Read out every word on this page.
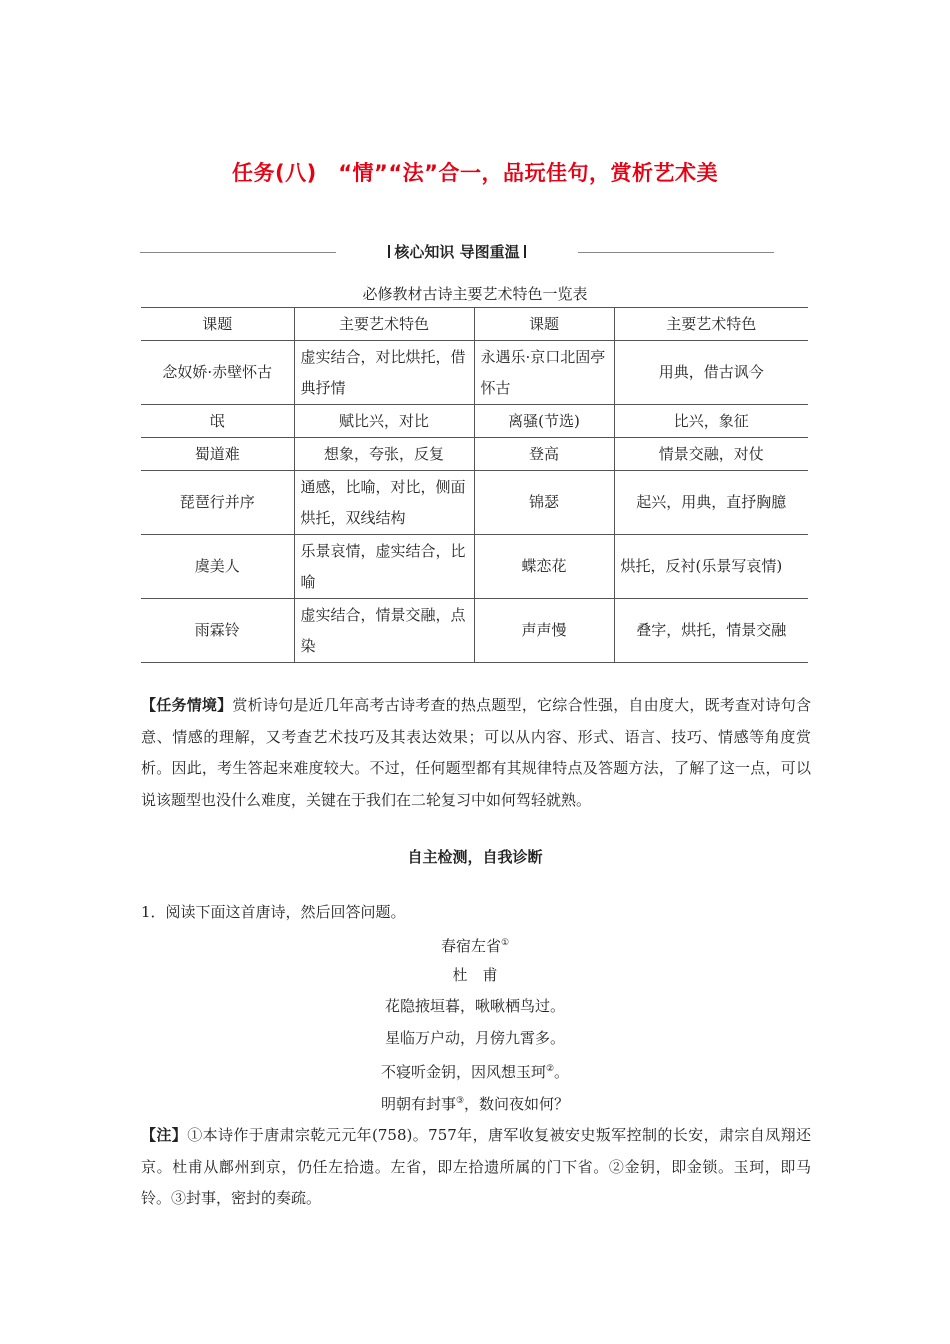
任务(八)　“情”“法”合一，品玩佳句，赏析艺术美
核心知识 导图重温
必修教材古诗主要艺术特色一览表
课题	主要艺术特色	课题	主要艺术特色
念奴娇·赤壁怀古	虚实结合，对比烘托，借典抒情	永遇乐·京口北固亭怀古	用典，借古讽今
氓	赋比兴，对比	离骚(节选)	比兴，象征
蜀道难	想象，夸张，反复	登高	情景交融，对仗
琵琶行并序	通感，比喻，对比，侧面烘托，双线结构	锦瑟	起兴，用典，直抒胸臆
虞美人	乐景哀情，虚实结合，比喻	蝶恋花	烘托，反衬(乐景写哀情)
雨霖铃	虚实结合，情景交融，点染	声声慢	叠字，烘托，情景交融
【任务情境】赏析诗句是近几年高考古诗考查的热点题型，它综合性强，自由度大，既考查对诗句含意、情感的理解，又考查艺术技巧及其表达效果；可以从内容、形式、语言、技巧、情感等角度赏析。因此，考生答起来难度较大。不过，任何题型都有其规律特点及答题方法，了解了这一点，可以说该题型也没什么难度，关键在于我们在二轮复习中如何驾轻就熟。
自主检测，自我诊断
1．阅读下面这首唐诗，然后回答问题。
春宿左省①
杜　甫
花隐掖垣暮，啾啾栖鸟过。
星临万户动，月傍九霄多。
不寝听金钥，因风想玉珂②。
明朝有封事③，数问夜如何？
【注】①本诗作于唐肃宗乾元元年(758)。757年，唐军收复被安史叛军控制的长安，肃宗自凤翔还京。杜甫从鄜州到京，仍任左拾遗。左省，即左拾遗所属的门下省。②金钥，即金锁。玉珂，即马铃。③封事，密封的奏疏。
